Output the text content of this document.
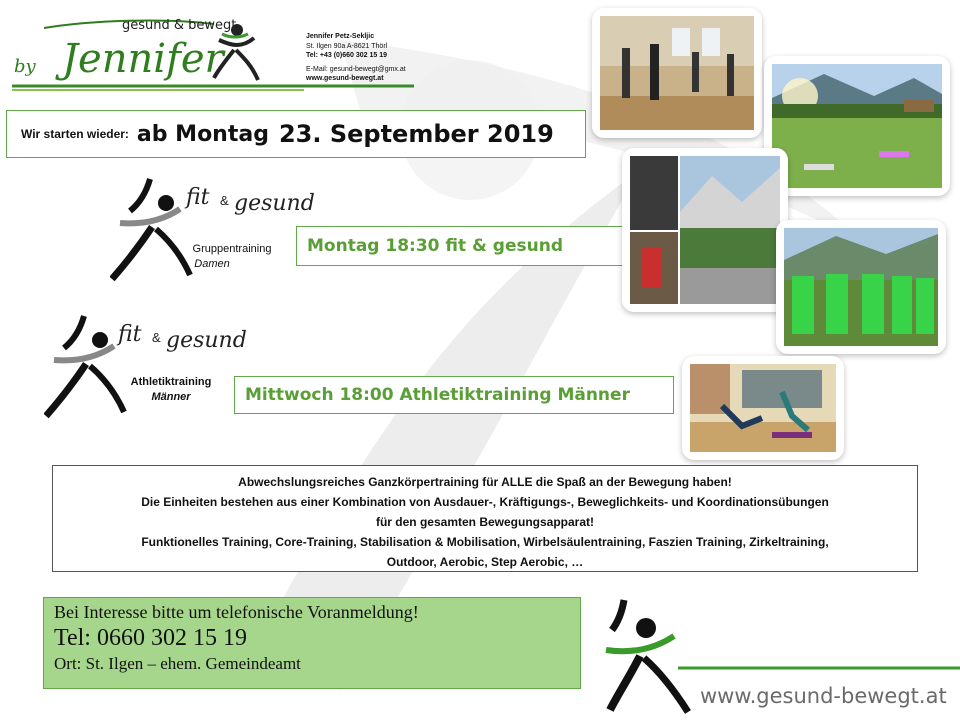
gesund & bewegt
by Jennifer	Jennifer Petz-Sekljic
St. Ilgen 90a A-8621 Thörl
Tel: +43 (0)660 302 15 19
E-Mail: gesund-bewegt@gmx.at
www.gesund-bewegt.at
Wir starten wieder: ab Montag 23. September 2019
fit & gesund
Gruppentraining
Damen
Montag 18:30 fit & gesund
fit & gesund
Athletiktraining
Männer	Mittwoch 18:00 Athletiktraining Männer
Abwechslungsreiches Ganzkörpertraining für ALLE die Spaß an der Bewegung haben!
Die Einheiten bestehen aus einer Kombination von Ausdauer-, Kräftigungs-, Beweglichkeits- und Koordinationsübungen
für den gesamten Bewegungsapparat!
Funktionelles Training, Core-Training, Stabilisation & Mobilisation, Wirbelsäulentraining, Faszien Training, Zirkeltraining,
Outdoor, Aerobic, Step Aerobic, …
Bei Interesse bitte um telefonische Voranmeldung!
Tel: 0660 302 15 19
Ort: St. Ilgen – ehem. Gemeindeamt
www.gesund-bewegt.at
